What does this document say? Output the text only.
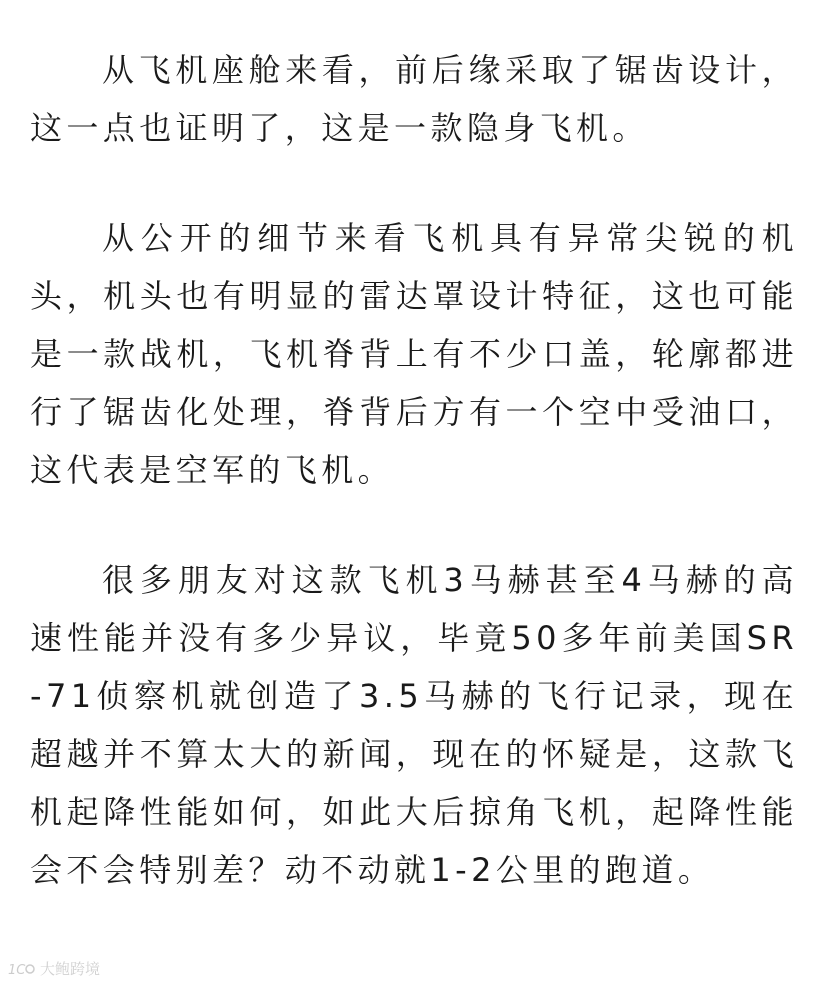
从飞机座舱来看，前后缘采取了锯齿设计，这一点也证明了，这是一款隐身飞机。

从公开的细节来看飞机具有异常尖锐的机头，机头也有明显的雷达罩设计特征，这也可能是一款战机，飞机脊背上有不少口盖，轮廓都进行了锯齿化处理，脊背后方有一个空中受油口，这代表是空军的飞机。

很多朋友对这款飞机3马赫甚至4马赫的高速性能并没有多少异议，毕竟50多年前美国SR-71侦察机就创造了3.5马赫的飞行记录，现在超越并不算太大的新闻，现在的怀疑是，这款飞机起降性能如何，如此大后掠角飞机，起降性能会不会特别差？动不动就1-2公里的跑道。

1C 大鲍跨境
